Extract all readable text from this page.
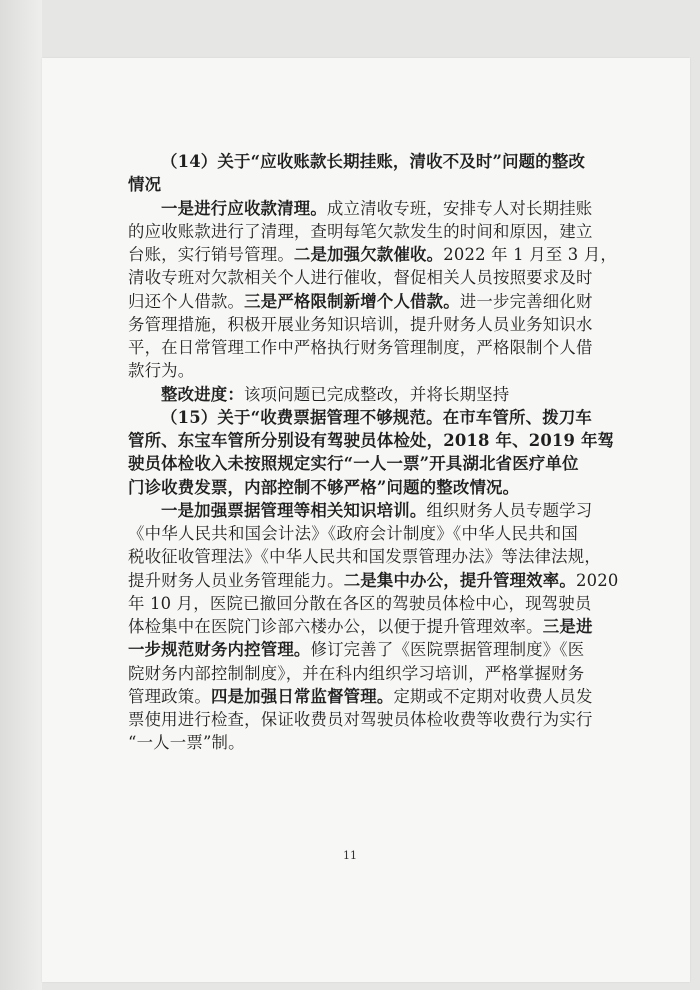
（14）关于“应收账款长期挂账，清收不及时”问题的整改
情况
一是进行应收款清理。成立清收专班，安排专人对长期挂账
的应收账款进行了清理，查明每笔欠款发生的时间和原因，建立
台账，实行销号管理。二是加强欠款催收。2022 年 1 月至 3 月，
清收专班对欠款相关个人进行催收，督促相关人员按照要求及时
归还个人借款。三是严格限制新增个人借款。进一步完善细化财
务管理措施，积极开展业务知识培训，提升财务人员业务知识水
平，在日常管理工作中严格执行财务管理制度，严格限制个人借
款行为。
整改进度：该项问题已完成整改，并将长期坚持
（15）关于“收费票据管理不够规范。在市车管所、拨刀车
管所、东宝车管所分别设有驾驶员体检处，2018 年、2019 年驾
驶员体检收入未按照规定实行“一人一票”开具湖北省医疗单位
门诊收费发票，内部控制不够严格”问题的整改情况。
一是加强票据管理等相关知识培训。组织财务人员专题学习
《中华人民共和国会计法》《政府会计制度》《中华人民共和国
税收征收管理法》《中华人民共和国发票管理办法》等法律法规，
提升财务人员业务管理能力。二是集中办公，提升管理效率。2020
年 10 月，医院已撤回分散在各区的驾驶员体检中心，现驾驶员
体检集中在医院门诊部六楼办公，以便于提升管理效率。三是进
一步规范财务内控管理。修订完善了《医院票据管理制度》《医
院财务内部控制制度》，并在科内组织学习培训，严格掌握财务
管理政策。四是加强日常监督管理。定期或不定期对收费人员发
票使用进行检查，保证收费员对驾驶员体检收费等收费行为实行
“一人一票”制。
11
